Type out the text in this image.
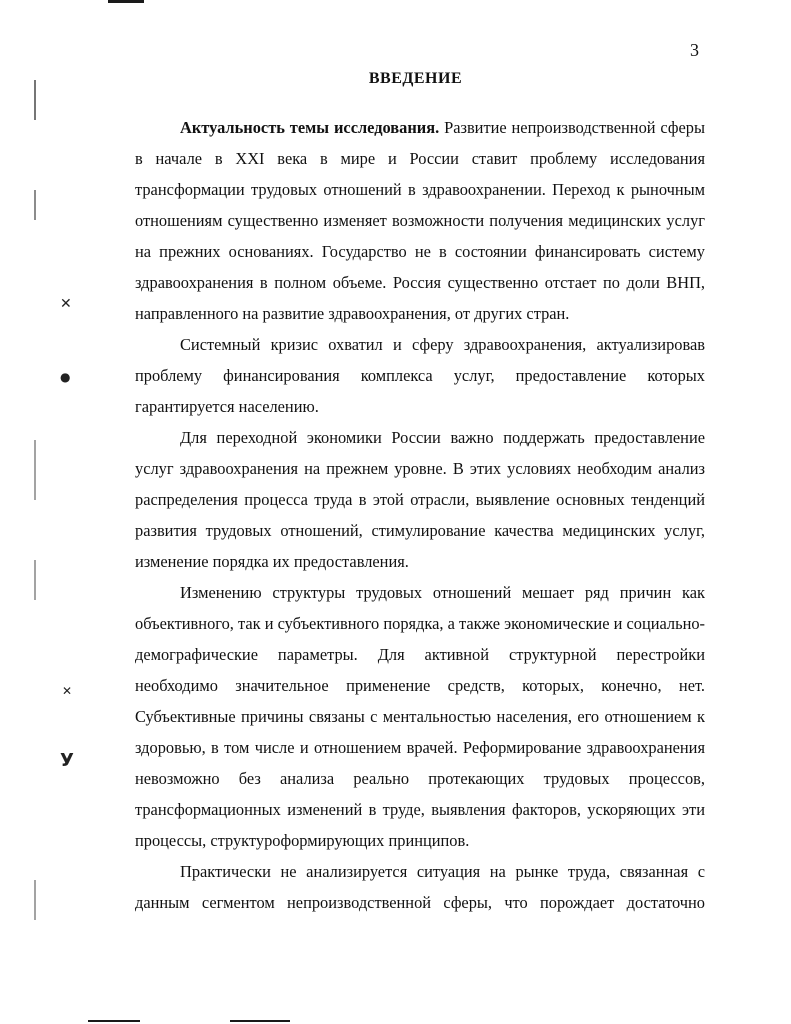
✕
●
✕
У
3
ВВЕДЕНИЕ

Актуальность темы исследования. Развитие непроизводственной сферы в начале в XXI века в мире и России ставит проблему исследования трансформации трудовых отношений в здравоохранении. Переход к рыночным отношениям существенно изменяет возможности получения медицинских услуг на прежних основаниях. Государство не в состоянии финансировать систему здравоохранения в полном объеме. Россия существенно отстает по доли ВНП, направленного на развитие здравоохранения, от других стран.

Системный кризис охватил и сферу здравоохранения, актуализировав проблему финансирования комплекса услуг, предоставление которых гарантируется населению.

Для переходной экономики России важно поддержать предоставление услуг здравоохранения на прежнем уровне. В этих условиях необходим анализ распределения процесса труда в этой отрасли, выявление основных тенденций развития трудовых отношений, стимулирование качества медицинских услуг, изменение порядка их предоставления.

Изменению структуры трудовых отношений мешает ряд причин как объективного, так и субъективного порядка, а также экономические и социально-демографические параметры. Для активной структурной перестройки необходимо значительное применение средств, которых, конечно, нет. Субъективные причины связаны с ментальностью населения, его отношением к здоровью, в том числе и отношением врачей. Реформирование здравоохранения невозможно без анализа реально протекающих трудовых процессов, трансформационных изменений в труде, выявления факторов, ускоряющих эти процессы, структуроформирующих принципов.

Практически не анализируется ситуация на рынке труда, связанная с данным сегментом непроизводственной сферы, что порождает достаточно
